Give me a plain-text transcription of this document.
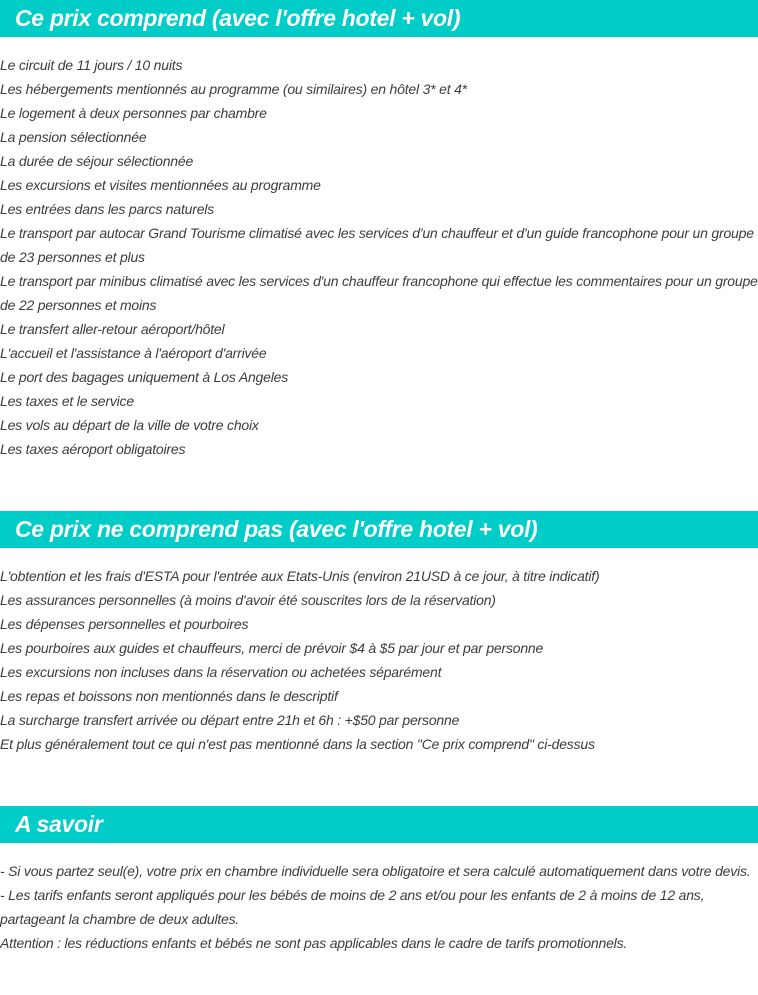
Ce prix comprend (avec l'offre hotel + vol)
Le circuit de 11 jours / 10 nuits
Les hébergements mentionnés au programme (ou similaires) en hôtel 3* et 4*
Le logement à deux personnes par chambre
La pension sélectionnée
La durée de séjour sélectionnée
Les excursions et visites mentionnées au programme
Les entrées dans les parcs naturels
Le transport par autocar Grand Tourisme climatisé avec les services d'un chauffeur et d'un guide francophone pour un groupe de 23 personnes et plus
Le transport par minibus climatisé avec les services d'un chauffeur francophone qui effectue les commentaires pour un groupe de 22 personnes et moins
Le transfert aller-retour aéroport/hôtel
L'accueil et l'assistance à l'aéroport d'arrivée
Le port des bagages uniquement à Los Angeles
Les taxes et le service
Les vols au départ de la ville de votre choix
Les taxes aéroport obligatoires
Ce prix ne comprend pas (avec l'offre hotel + vol)
L'obtention et les frais d'ESTA pour l'entrée aux Etats-Unis (environ 21USD à ce jour, à titre indicatif)
Les assurances personnelles (à moins d'avoir été souscrites lors de la réservation)
Les dépenses personnelles et pourboires
Les pourboires aux guides et chauffeurs, merci de prévoir $4 à $5 par jour et par personne
Les excursions non incluses dans la réservation ou achetées séparément
Les repas et boissons non mentionnés dans le descriptif
La surcharge transfert arrivée ou départ entre 21h et 6h : +$50 par personne
Et plus généralement tout ce qui n'est pas mentionné dans la section "Ce prix comprend" ci-dessus
A savoir
- Si vous partez seul(e), votre prix en chambre individuelle sera obligatoire et sera calculé automatiquement dans votre devis.
- Les tarifs enfants seront appliqués pour les bébés de moins de 2 ans et/ou pour les enfants de 2 à moins de 12 ans, partageant la chambre de deux adultes.
Attention : les réductions enfants et bébés ne sont pas applicables dans le cadre de tarifs promotionnels.
